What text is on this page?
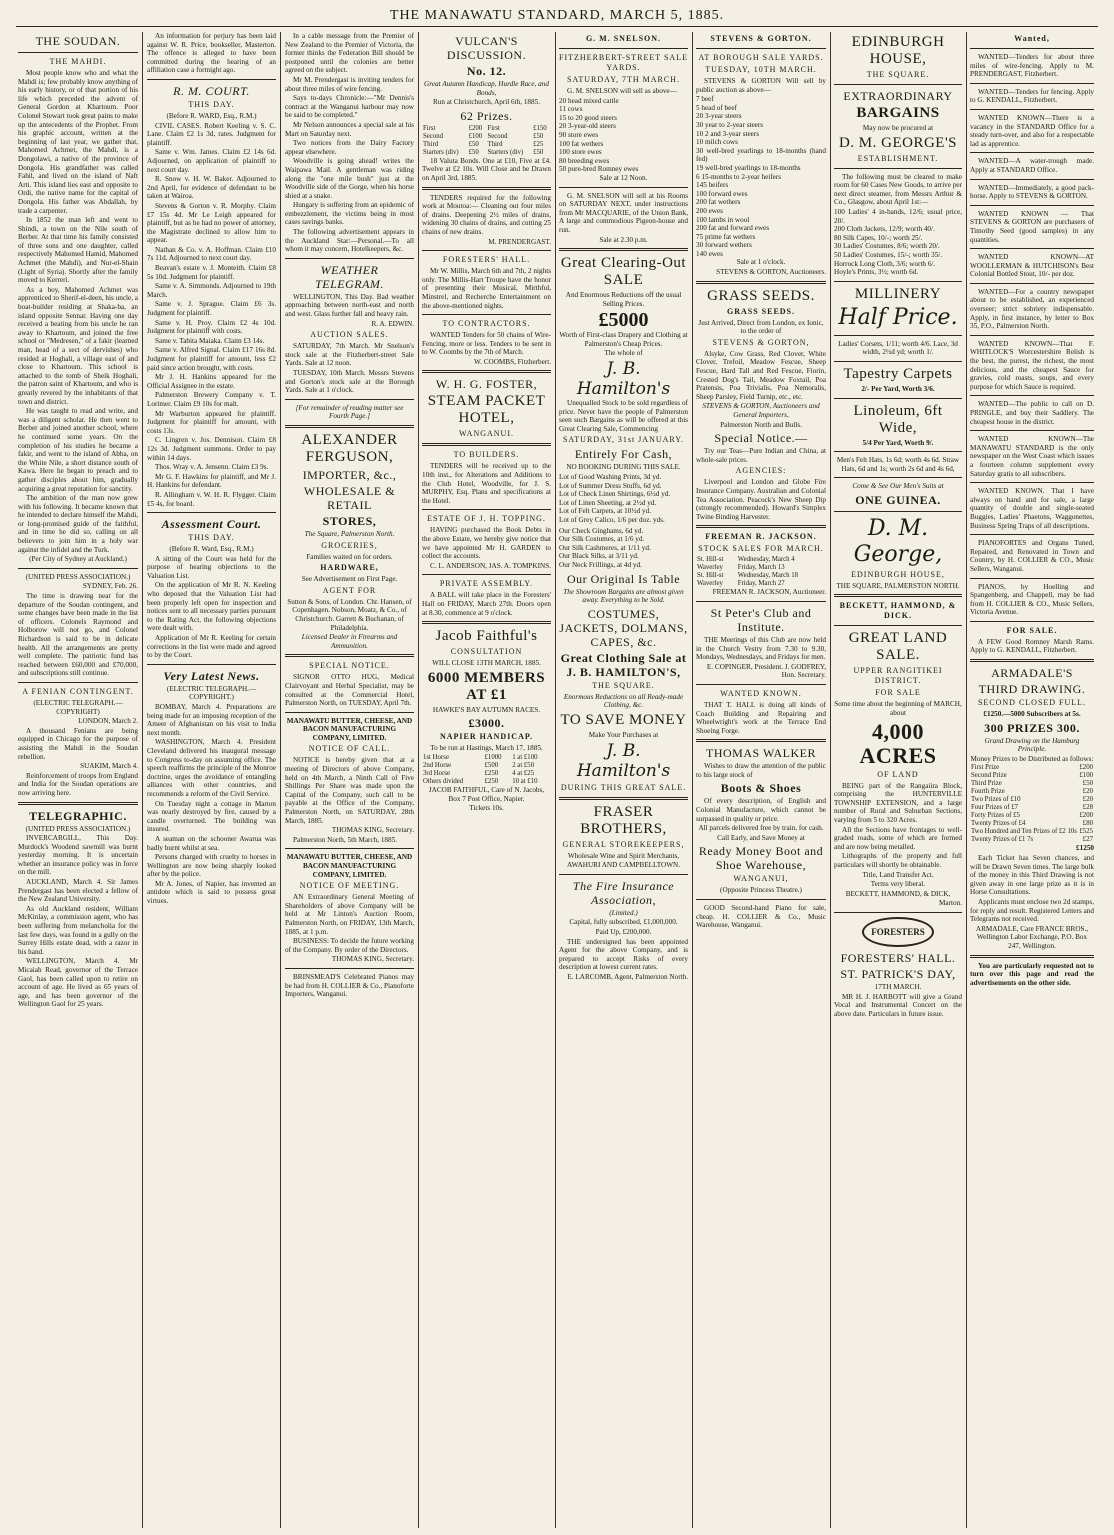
THE MANAWATU STANDARD, MARCH 5, 1885.
THE SOUDAN.
THE MAHDI.

Most people know who and what the Mahdi is; few probably know anything of his early history, or of that portion of his life which preceded the advent of General Gordon at Khartoum. Poor Colonel Stewart took great pains to make up the antecedents of the Prophet. From his graphic account, written at the beginning of last year, we gather that, Mahomed Achmet, the Mahdi, is a Dongolawi, a native of the province of Dongola. His grandfather was called Fahil, and lived on the island of Naft Arti. This island lies east and opposite to Ordi, the native name for the capital of Dongola. His father was Abdallah, by trade a carpenter.

In 1852 the man left and went to Shindi, a town on the Nile south of Berber. At that time his family consisted of three sons and one daughter, called respectively Mahomed Hamid, Mahomed Achmet (the Mahdi), and Nur-el-Shain (Light of Syria). Shortly after the family moved to Kerreri.

As a boy, Mahomed Achmet was apprenticed to Sherif-el-deen, his uncle, a boat-builder residing at Shaka-ba, an island opposite Sennar. Having one day received a beating from his uncle he ran away to Khartoum, and joined the free school or "Medresen," of a fakir (learned man, head of a sect of dervishes) who resided at Hoghali, a village east of and close to Khartoum. This school is attached to the tomb of Sheik Hoghali, the patron saint of Khartoum, and who is greatly revered by the inhabitants of that town and district.

He was taught to read and write, and was a diligent scholar. He then went to Berber and joined another school, where he continued some years. On the completion of his studies he became a fakir, and went to the island of Abba, on the White Nile, a short distance south of Kawa. Here he began to preach and to gather disciples about him, gradually acquiring a great reputation for sanctity.

The ambition of the man now grew with his following. It became known that he intended to declare himself the Mahdi, or long-promised guide of the faithful, and in time he did so, calling on all believers to join him in a holy war against the infidel and the Turk.

(Per City of Sydney at Auckland.)

(UNITED PRESS ASSOCIATION.)

SYDNEY, Feb. 26.

The time is drawing near for the departure of the Soudan contingent, and some changes have been made in the list of officers. Colonels Raymond and Holborow will not go, and Colonel Richardson is said to be in delicate health. All the arrangements are pretty well complete. The patriotic fund has reached between £60,000 and £70,000, and subscriptions still continue.

A FENIAN CONTINGENT.

(ELECTRIC TELEGRAPH.—COPYRIGHT)

LONDON, March 2.

A thousand Fenians are being equipped in Chicago for the purpose of assisting the Mahdi in the Soudan rebellion.

SUAKIM, March 4.

Reinforcement of troops from England and India for the Soudan operations are now arriving here.

TELEGRAPHIC.

(UNITED PRESS ASSOCIATION.)

INVERCARGILL, This Day. Murdock's Woodend sawmill was burnt yesterday morning. It is uncertain whether an insurance policy was in force on the mill.

AUCKLAND, March 4. Sir James Prendergast has been elected a fellow of the New Zealand University.

As old Auckland resident, William McKinlay, a commission agent, who has been suffering from melancholia for the last few days, was found in a gully on the Surrey Hills estate dead, with a razor in his hand.

WELLINGTON, March 4. Mr Micaiah Read, governor of the Terrace Gaol, has been called upon to retire on account of age. He lived as 65 years of age, and has been governor of the Wellington Gaol for 25 years.

An information for perjury has been laid against W. R. Price, bookseller, Masterton. The offence is alleged to have been committed during the hearing of an affiliation case a fortnight ago.

R. M. COURT.
THIS DAY.

(Before R. WARD, Esq., R.M.)

CIVIL CASES. Robert Keeling v. S. C. Lane. Claim £2 1s 3d, rates. Judgment for plaintiff.

Same v. Wm. James. Claim £2 14s 6d. Adjourned, on application of plaintiff to next court day.

R. Snow v. H. W. Baker. Adjourned to 2nd April, for evidence of defendant to be taken at Wairoa.

Stevens & Gorton v. R. Morphy. Claim £7 15s 4d. Mr Le Leigh appeared for plaintiff, but as he had no power of attorney, the Magistrate declined to allow him to appear.

Nathan & Co. v. A. Hoffman. Claim £10 7s 11d. Adjourned to next court day.

Beavan's estate v. J. Monteith. Claim £8 5s 10d. Judgment for plaintiff.

Same v. A. Simmonds. Adjourned to 19th March.

Same v. J. Sprague. Claim £6 3s. Judgment for plaintiff.

Same v. H. Proy. Claim £2 4s 10d. Judgment for plaintiff with costs.

Same v. Tabita Maiaka. Claim £3 14s.

Same v. Alfred Signal. Claim £17 16s 8d. Judgment for plaintiff for amount, less £2 paid since action brought, with costs.

Mr J. H. Hankins appeared for the Official Assignee in the estate.

Palmerston Brewery Company v. T. Lorimer. Claim £9 10s for malt.

Mr Warburton appeared for plaintiff. Judgment for plaintiff for amount, with costs 13s.

C. Lingren v. Jos. Dennison. Claim £8 12s 3d. Judgment summons. Order to pay within 14 days.

Thos. Wray v. A. Jensenn. Claim £3 9s.

Mr G. F. Hawkins for plaintiff, and Mr J. H. Hankins for defendant.

R. Allingham v. W. H. R. Flygger. Claim £5 4s, for board.

Assessment Court.
THIS DAY.

(Before R. Ward, Esq., R.M.)

A sitting of the Court was held for the purpose of hearing objections to the Valuation List.

On the application of Mr R. N. Keeling who deposed that the Valuation List had been properly left open for inspection and notices sent to all necessary parties pursuant to the Rating Act, the following objections were dealt with.

Application of Mr R. Keeling for certain corrections in the list were made and agreed to by the Court.

Very Latest News.

(ELECTRIC TELEGRAPH.—COPYRIGHT.)

BOMBAY, March 4. Preparations are being made for an imposing reception of the Ameer of Afghanistan on his visit to India next month.

WASHINGTON, March 4. President Cleveland delivered his inaugural message to Congress to-day on assuming office. The speech reaffirms the principle of the Monroe doctrine, urges the avoidance of entangling alliances with other countries, and recommends a reform of the Civil Service.

On Tuesday night a cottage in Marton was nearly destroyed by fire, caused by a candle overturned. The building was insured.

A seaman on the schooner Awarua was badly burnt whilst at sea.

Persons charged with cruelty to horses in Wellington are now being sharply looked after by the police.

Mr A. Jones, of Napier, has invented an antidote which is said to possess great virtues.

In a cable message from the Premier of New Zealand to the Premier of Victoria, the former thinks the Federation Bill should be postponed until the colonies are better agreed on the subject.

Mr M. Prendergast is inviting tenders for about three miles of wire fencing.

Says to-days Chronicle:—"Mr Dennis's contract at the Wanganui harbour may now be said to be completed."

Mr Nelson announces a special sale at his Mart on Saturday next.

Two notices from the Dairy Factory appear elsewhere.

Woodville is going ahead! writes the Waipawa Mail. A gentleman was riding along the "one mile bush" just at the Woodville side of the Gorge, when his horse shied at a snake.

Hungary is suffering from an epidemic of embezzlement, the victims being in most cases savings banks.

The following advertisement appears in the Auckland Star:—Personal.—To all whom it may concern, Hotelkeepers, &c.

WEATHER TELEGRAM.

WELLINGTON, This Day. Bad weather approaching between north-east and north and west. Glass further fall and heavy rain.

R. A. EDWIN.

AUCTION SALES.

SATURDAY, 7th March. Mr Snelson's stock sale at the Fitzherbert-street Sale Yards. Sale at 12 noon.

TUESDAY, 10th March. Messrs Stevens and Gorton's stock sale at the Borough Yards. Sale at 1 o'clock.

[For remainder of reading matter see Fourth Page.]

ALEXANDER FERGUSON,
IMPORTER, &c.,
WHOLESALE & RETAIL
STORES,

The Square, Palmerston North.

GROCERIES,

Families waited on for orders.

HARDWARE,

See Advertisement on First Page.

AGENT FOR

Sutton & Sons, of London. Chr. Hansen, of Copenhagen. Nobson, Moatz, & Co., of Christchurch. Garrett & Buchanan, of Philadelphia.

Licensed Dealer in Firearms and Ammunition.

SPECIAL NOTICE.

SIGNOR OTTO HUG, Medical Clairvoyant and Herbal Specialist, may be consulted at the Commercial Hotel, Palmerston North, on TUESDAY, April 7th.

MANAWATU BUTTER, CHEESE, AND BACON MANUFACTURING COMPANY, LIMITED.

NOTICE OF CALL.

NOTICE is hereby given that at a meeting of Directors of above Company, held on 4th March, a Ninth Call of Five Shillings Per Share was made upon the Capital of the Company, such call to be payable at the Office of the Company, Palmerston North, on SATURDAY, 28th March, 1885.

THOMAS KING, Secretary.

Palmerston North, 5th March, 1885.

MANAWATU BUTTER, CHEESE, AND BACON MANUFACTURING COMPANY, LIMITED.

NOTICE OF MEETING.

AN Extraordinary General Meeting of Shareholders of above Company will be held at Mr Linton's Auction Room, Palmerston North, on FRIDAY, 13th March, 1885, at 1 p.m.

BUSINESS: To decide the future working of the Company. By order of the Directors.

THOMAS KING, Secretary.

BRINSMEAD'S Celebrated Pianos may be had from H. COLLIER & Co., Pianoforte Importers, Wanganui.

VULCAN'S DISCUSSION.
No. 12.

Great Autumn Handicap, Hurdle Race, and Bonds,

Run at Christchurch, April 6th, 1885.

62 Prizes.
First	£200	First	£150
Second	£100	Second	£50
Third	£50	Third	£25
Starters (div)	£50	Starters (div)	£50

18 Valuta Bonds. One at £10, Five at £4. Twelve at £2 10s. Will Close and be Drawn on April 3rd, 1885.

TENDERS required for the following work at Moutoa:— Cleaning out four miles of drains. Deepening 2½ miles of drains, widening 30 chains of drains, and cutting 25 chains of new drains.

M. PRENDERGAST.

FORESTERS' HALL.

Mr W. Millis, March 6th and 7th, 2 nights only. The Millis-Hart Troupe have the honor of presenting their Musical, Mirthful, Minstrel, and Recherche Entertainment on the above-mentioned nights.

TO CONTRACTORS.

WANTED Tenders for 50 chains of Wire-Fencing, more or less. Tenders to be sent in to W. Coombs by the 7th of March.

W. COOMBS, Fitzherbert.

W. H. G. FOSTER,
STEAM PACKET HOTEL,
WANGANUI.
TO BUILDERS.

TENDERS will be received up to the 10th inst., for Alterations and Additions to the Club Hotel, Woodville, for J. S. MURPHY, Esq. Plans and specifications at the Hotel.

ESTATE OF J. H. TOPPING.

HAVING purchased the Book Debts in the above Estate, we hereby give notice that we have appointed Mr H. GARDEN to collect the accounts.

C. L. ANDERSON, JAS. A. TOMPKINS.

PRIVATE ASSEMBLY.

A BALL will take place in the Foresters' Hall on FRIDAY, March 27th. Doors open at 8.30, commence at 9 o'clock.

Jacob Faithful's
CONSULTATION

WILL CLOSE 13TH MARCH, 1885.

6000 MEMBERS AT £1

HAWKE'S BAY AUTUMN RACES.

£3000.
NAPIER HANDICAP.

To be run at Hastings, March 17, 1885.

1st Horse	£1000	1 at £100
2nd Horse	£500	2 at £50
3rd Horse	£250	4 at £25
Others divided	£250	10 at £10

JACOB FAITHFUL, Care of N. Jacobs, Box 7 Post Office, Napier.

Tickets 10s.

G. M. SNELSON.
FITZHERBERT-STREET SALE YARDS.
SATURDAY, 7TH MARCH.

G. M. SNELSON will sell as above—

20 head mixed cattle
11 cows
15 to 20 good steers
20 3-year-old steers
90 store ewes
100 fat wethers
100 store ewes
80 breeding ewes
50 pure-bred Romney ewes

Sale at 12 Noon.

G. M. SNELSON will sell at his Rooms on SATURDAY NEXT, under instructions from Mr MACQUARIE, of the Union Bank, A large and commodious Pigeon-house and run.

Sale at 2.30 p.m.

Great Clearing-Out SALE

And Enormous Reductions off the usual Selling Prices.

£5000

Worth of First-class Drapery and Clothing at Palmerston's Cheap Prices.

The whole of

J. B. Hamilton's

Unequalled Stock to be sold regardless of price. Never have the people of Palmerston seen such Bargains as will be offered at this Great Clearing Sale, Commencing

SATURDAY, 31st JANUARY.
Entirely For Cash,

NO BOOKING DURING THIS SALE.

Lot of Good Washing Prints, 3d yd.
Lot of Summer Dress Stuffs, 6d yd.
Lot of Check Linen Shirtings, 6½d yd.
Lot of Linen Sheeting, at 2½d yd.
Lot of Felt Carpets, at 10½d yd.
Lot of Grey Calico, 1/6 per doz. yds.
Our Check Ginghams, 6d yd.
Our Silk Costumes, at 1/6 yd.
Our Silk Cashmeres, at 1/11 yd.
Our Black Silks, at 3/11 yd.
Our Neck Frillings, at 4d yd.
Our Original Is Table

The Showroom Bargains are almost given away. Everything to be Sold.

COSTUMES, JACKETS, DOLMANS, CAPES, &c.
Great Clothing Sale at J. B. HAMILTON'S,
THE SQUARE.

Enormous Reductions on all Ready-made Clothing, &c.

TO SAVE MONEY

Make Your Purchases at

J. B. Hamilton's
DURING THIS GREAT SALE.
FRASER BROTHERS,
GENERAL STOREKEEPERS,

Wholesale Wine and Spirit Merchants,

AWAHURI AND CAMPBELLTOWN.

The Fire Insurance Association,

(Limited.)

Capital, fully subscribed, £1,000,000.

Paid Up, £200,000.

THE undersigned has been appointed Agent for the above Company, and is prepared to accept Risks of every description at lowest current rates.

E. LARCOMB, Agent, Palmerston North.

STEVENS & GORTON.
AT BOROUGH SALE YARDS.
TUESDAY, 10TH MARCH.

STEVENS & GORTON Will sell by public auction as above—

7 beef
5 head of beef
20 3-year steers
30 year to 2-year steers
10 2 and 3-year steers
10 milch cows
30 well-bred yearlings to 18-months (hand fed)
19 well-bred yearlings to 18-months
6 15-months to 2-year heifers
145 heifers
100 forward ewes
200 fat wethers
200 ewes
100 lambs in wool
200 fat and forward ewes
75 prime fat wethers
30 forward wethers
140 ewes

Sale at 1 o'clock.

STEVENS & GORTON, Auctioneers.

GRASS SEEDS.
GRASS SEEDS.

Just Arrived, Direct from London, ex Ionic, to the order of

STEVENS & GORTON,

Alsyke, Cow Grass, Red Clover, White Clover, Trefoil, Meadow Fescue, Sheep Fescue, Hard Tall and Red Fescue, Fiorin, Crested Dog's Tail, Meadow Foxtail, Poa Pratensis, Poa Trivialis, Poa Nemoralis, Sheep Parsley, Field Turnip, etc., etc.

STEVENS & GORTON, Auctioneers and General Importers,

Palmerston North and Bulls.

Special Notice.—

Try our Teas—Pure Indian and China, at whole-sale prices.

AGENCIES:

Liverpool and London and Globe Fire Insurance Company. Australian and Colonial Tea Association. Peacock's New Sheep Dip (strongly recommended). Howard's Simplex Twine Binding Harvester.

FREEMAN R. JACKSON.
STOCK SALES FOR MARCH.
St. Hill-st	Wednesday, March 4
Waverley	Friday, March 13
St. Hill-st	Wednesday, March 18
Waverley	Friday, March 27

FREEMAN R. JACKSON, Auctioneer.

St Peter's Club and Institute.

THE Meetings of this Club are now held in the Church Vestry from 7.30 to 9.30, Mondays, Wednesdays, and Fridays for men.

E. COPINGER, President. J. GODFREY, Hon. Secretary.

WANTED KNOWN.

THAT T. HALL is doing all kinds of Coach Building and Repairing and Wheelwright's work at the Terrace End Shoeing Forge.

THOMAS WALKER

Wishes to draw the attention of the public to his large stock of

Boots & Shoes

Of every description, of English and Colonial Manufacture, which cannot be surpassed in quality or price.

All parcels delivered free by train, for cash.

Call Early, and Save Money at

Ready Money Boot and Shoe Warehouse,
WANGANUI,

(Opposite Princess Theatre.)

GOOD Second-hand Piano for sale, cheap. H. COLLIER & Co., Music Warehouse, Wanganui.

EDINBURGH HOUSE,
THE SQUARE.
EXTRAORDINARY
BARGAINS

May now be procured at

D. M. GEORGE'S
ESTABLISHMENT.

The following must be cleared to make room for 60 Cases New Goods, to arrive per next direct steamer, from Messrs Arthur & Co., Glasgow, about April 1st:—

100 Ladies' 4 in-bands, 12/6; usual price, 20/.
200 Cloth Jackets, 12/9; worth 40/.
80 Silk Capes, 10/-; worth 25/.
30 Ladies' Costumes, 8/6; worth 20/.
50 Ladies' Costumes, 15/-; worth 35/.
Horrock Long Cloth, 3/6; worth 6/.
Hoyle's Prints, 3½; worth 6d.
MILLINERY
Half Price.

Ladies' Corsets, 1/11; worth 4/6. Lace, 3d width, 2½d yd; worth 1/.

Tapestry Carpets

2/- Per Yard, Worth 3/6.

Linoleum, 6ft Wide,

5/4 Per Yard, Worth 9/.

Men's Felt Hats, 1s 6d; worth 4s 6d. Straw Hats, 6d and 1s; worth 2s 6d and 4s 6d,

Come & See Our Men's Suits at

ONE GUINEA.
D. M. George,
EDINBURGH HOUSE,

THE SQUARE, PALMERSTON NORTH.

BECKETT, HAMMOND, & DICK.
GREAT LAND SALE.
UPPER RANGITIKEI DISTRICT.
FOR SALE

Some time about the beginning of MARCH, about

4,000 ACRES
OF LAND

BEING part of the Rangaiira Block, comprising the HUNTERVILLE TOWNSHIP EXTENSION, and a large number of Rural and Suburban Sections, varying from 5 to 320 Acres.

All the Sections have frontages to well-graded roads, some of which are formed and are now being metalled.

Lithographs of the property and full particulars will shortly be obtainable.

Title, Land Transfer Act.

Terms very liberal.

BECKETT, HAMMOND, & DICK,

Marton.

FORESTERS
FORESTERS' HALL.
ST. PATRICK'S DAY,

17TH MARCH.

MR H. J. HARBOTT will give a Grand Vocal and Instrumental Concert on the above date. Particulars in future issue.

Wanted,

WANTED—Tenders for about three miles of wire-fencing. Apply to M. PRENDERGAST, Fitzherbert.

WANTED—Tenders for fencing. Apply to G. KENDALL, Fitzherbert.

WANTED KNOWN—There is a vacancy in the STANDARD Office for a steady turn-over, and also for a respectable lad as apprentice.

WANTED—A water-trough made. Apply at STANDARD Office.

WANTED—Immediately, a good pack-horse. Apply to STEVENS & GORTON.

WANTED KNOWN — That STEVENS & GORTON are purchasers of Timothy Seed (good samples) in any quantities.

WANTED KNOWN—AT WOOLLERMAN & HUTCHISON's Best Colonial Bottled Stout, 10/- per doz.

WANTED—For a country newspaper about to be established, an experienced overseer; strict sobriety indispensable. Apply, in first instance, by letter to Box 35, P.O., Palmerston North.

WANTED KNOWN—That F. WHITLOCK'S Worcestershire Relish is the best, the purest, the richest, the most delicious, and the cheapest Sauce for gravies, cold roasts, soups, and every purpose for which Sauce is required.

WANTED—The public to call on D. PRINGLE, and buy their Saddlery. The cheapest house in the district.

WANTED KNOWN—The MANAWATU STANDARD is the only newspaper on the West Coast which issues a fourteen column supplement every Saturday gratis to all subscribers.

WANTED KNOWN. That I have always on hand and for sale, a large quantity of double and single-seated Buggies, Ladies' Phaetons, Waggonettes, Business Spring Traps of all descriptions.

PIANOFORTES and Organs Tuned, Repaired, and Renovated in Town and Country, by H. COLLIER & CO., Music Sellers, Wanganui.

PIANOS, by Hoelling and Spangenberg, and Chappell, may be had from H. COLLIER & CO., Music Sellers, Victoria Avenue.

FOR SALE.

A FEW Good Romney Marsh Rams. Apply to G. KENDALL, Fitzherbert.

ARMADALE'S
THIRD DRAWING.
SECOND CLOSED FULL.

£1250.—5000 Subscribers at 5s.

300 PRIZES 300.

Grand Drawing on the Hamburg Principle.

Money Prizes to be Distributed as follows:

First Prize	£200
Second Prize	£100
Third Prize	£50
Fourth Prize	£20
Two Prizes of £10	£20
Four Prizes of £7	£28
Forty Prizes of £5	£200
Twenty Prizes of £4	£80
Two Hundred and Ten Prizes of £2 10s	£525
Twenty Prizes of £1 7s	£27

£1250

Each Ticket has Seven chances, and will be Drawn Seven times. The large bulk of the money in this Third Drawing is not given away in one large prize as it is in Horse Consultations.

Applicants must enclose two 2d stamps, for reply and result. Registered Letters and Telegrams not received.

ARMADALE, Care FRANCE BROS., Wellington Labor Exchange, P.O. Box 247, Wellington.

You are particularly requested not to turn over this page and read the advertisements on the other side.
